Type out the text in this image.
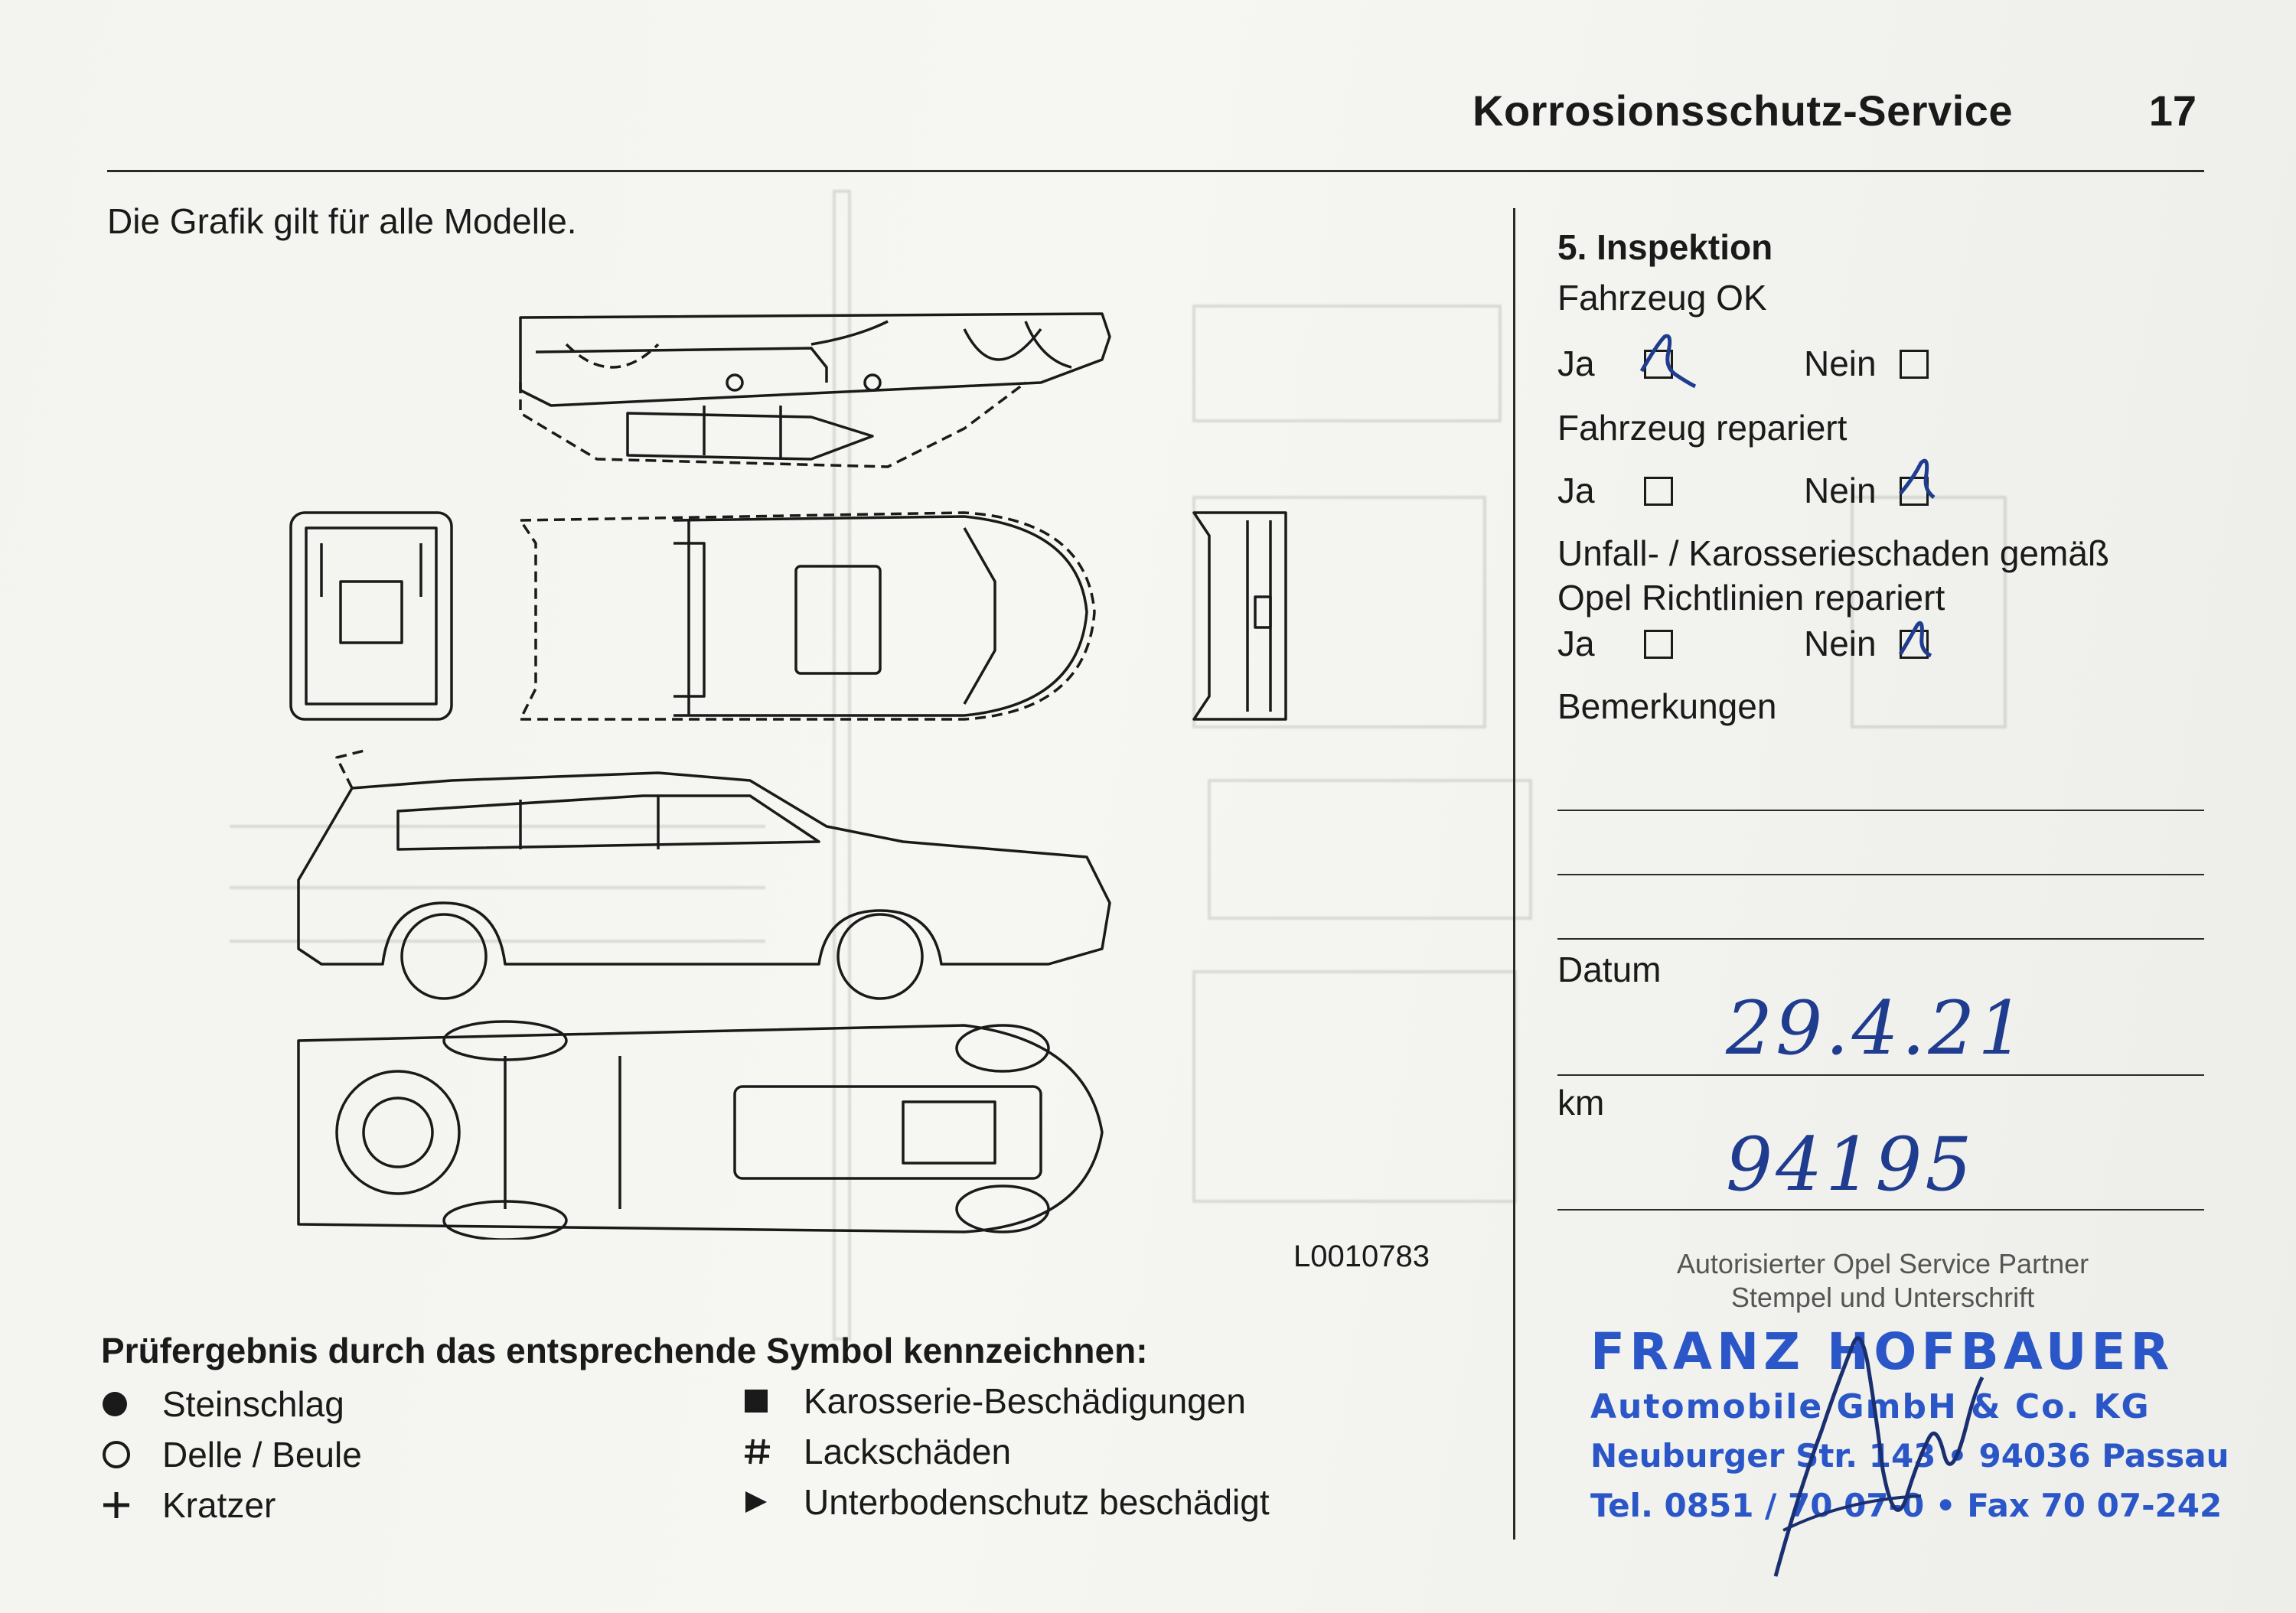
Korrosionsschutz-Service	17
Die Grafik gilt für alle Modelle.
L0010783
Prüfergebnis durch das entsprechende Symbol kennzeichnen:
Steinschlag
Delle / Beule
Kratzer
Karosserie-Beschädigungen
Lackschäden
Unterbodenschutz beschädigt
5. Inspektion
Fahrzeug OK
Ja	Nein
Fahrzeug repariert
Ja	Nein
Unfall- / Karosserieschaden gemäß
Opel Richtlinien repariert
Ja	Nein
Bemerkungen
Datum
29.4.21
km
94195
Autorisierter Opel Service Partner
Stempel und Unterschrift
FRANZ HOFBAUER
Automobile GmbH & Co. KG
Neuburger Str. 143 • 94036 Passau
Tel. 0851 / 70 07-0 • Fax 70 07-242
